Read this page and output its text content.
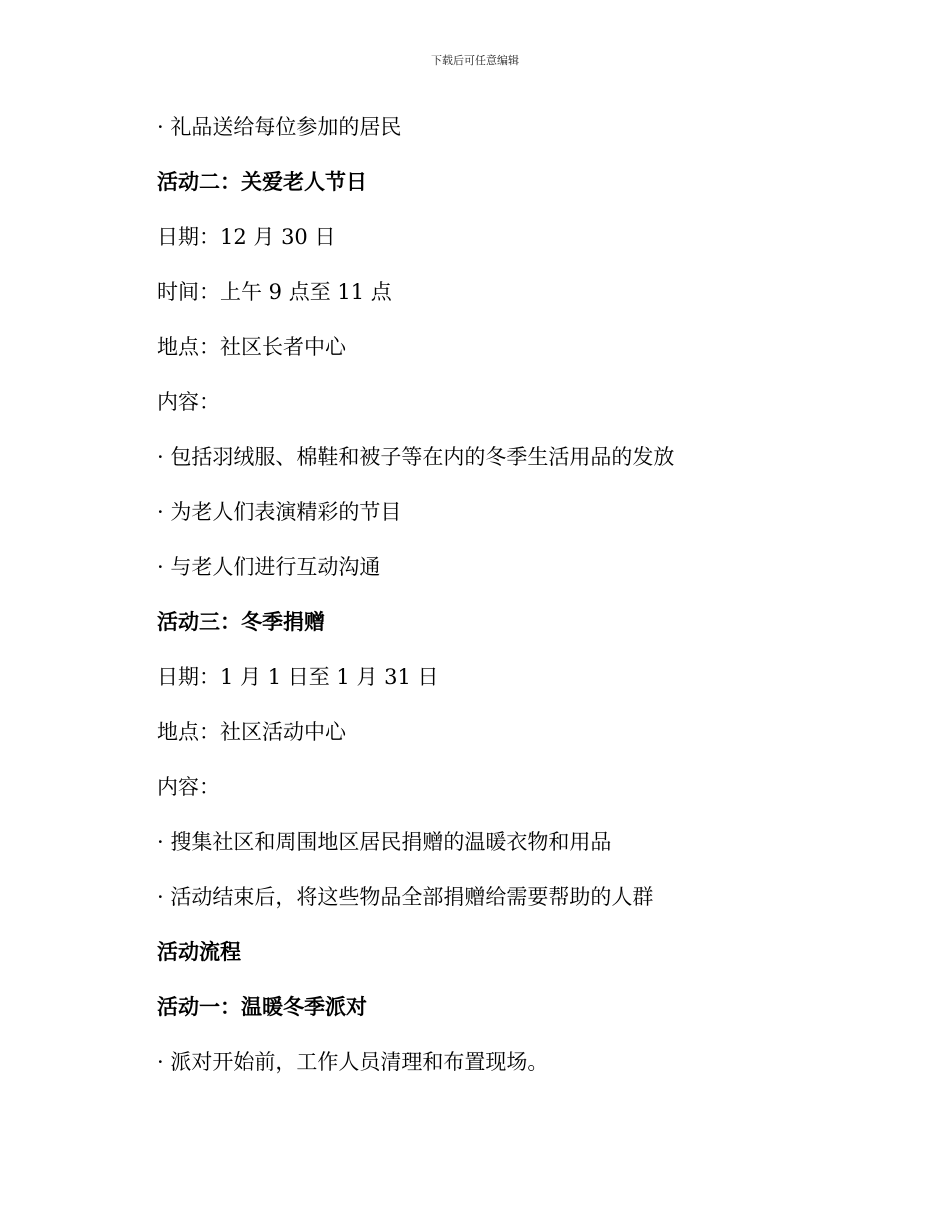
下载后可任意编辑
· 礼品送给每位参加的居民
活动二：关爱老人节日
日期：12 月 30 日
时间：上午 9 点至 11 点
地点：社区长者中心
内容：
· 包括羽绒服、棉鞋和被子等在内的冬季生活用品的发放
· 为老人们表演精彩的节目
· 与老人们进行互动沟通
活动三：冬季捐赠
日期：1 月 1 日至 1 月 31 日
地点：社区活动中心
内容：
· 搜集社区和周围地区居民捐赠的温暖衣物和用品
· 活动结束后，将这些物品全部捐赠给需要帮助的人群
活动流程
活动一：温暖冬季派对
· 派对开始前，工作人员清理和布置现场。
